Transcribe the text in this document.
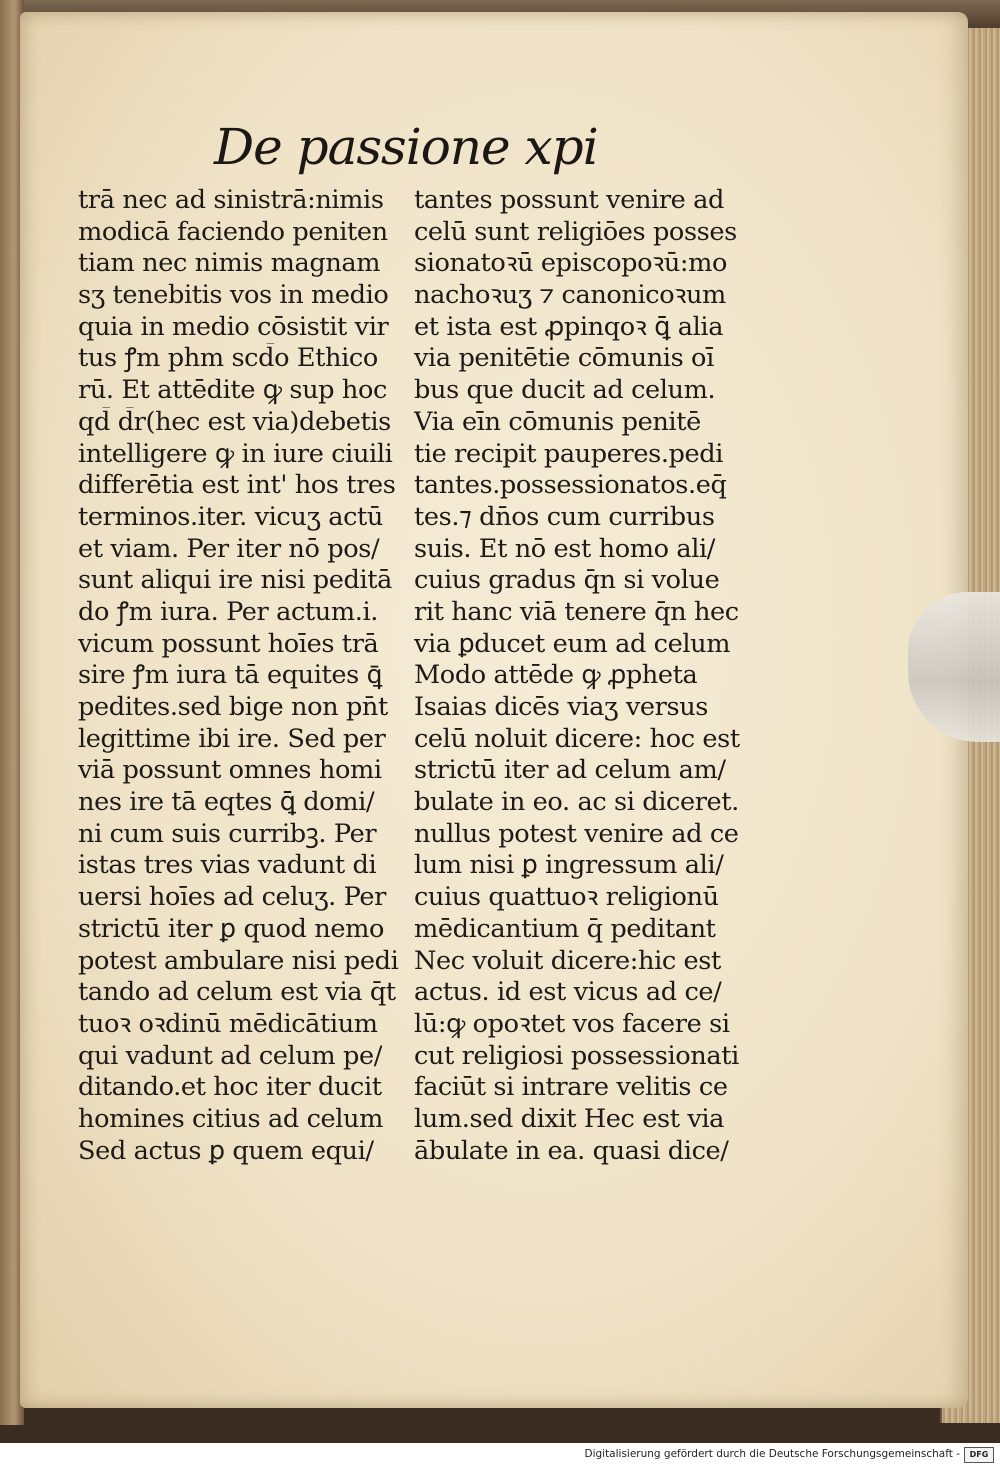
De passione xpi
trā nec ad sinistrā:nimis
modicā faciendo peniten
tiam nec nimis magnam
sʒ tenebitis vos in medio
quia in medio cōsistit vir
tus ꝭm phm scd̄o Ethico
rū. Et attēdite ꝙ sup hoc
qd̄ d̄r(hec est via)debetis
intelligere ꝙ in iure ciuili
differētia est int' hos tres
terminos.iter. vicuʒ actū
et viam. Per iter nō pos/
sunt aliqui ire nisi peditā
do ꝭm iura. Per actum.i.
vicum possunt hoīes trā
sire ꝭm iura tā equites ꝗ̄
pedites.sed bige non pn̄t
legittime ibi ire. Sed per
viā possunt omnes homi
nes ire tā eqtes ꝗ̄ domi/
ni cum suis curribꝫ. Per
istas tres vias vadunt di
uersi hoīes ad celuʒ. Per
strictū iter ꝑ quod nemo
potest ambulare nisi pedi
tando ad celum est via q̄t
tuoꝛ oꝛdinū mēdicātium
qui vadunt ad celum pe/
ditando.et hoc iter ducit
homines citius ad celum
Sed actus ꝑ quem equi/
tantes possunt venire ad
celū sunt religiōes posses
sionatoꝛū episcopoꝛū:mo
nachoꝛuʒ ⁊ canonicoꝛum
et ista est ꝓpinqoꝛ ꝗ̄ alia
via penitētie cōmunis oī
bus que ducit ad celum.
Via eīn cōmunis penitē
tie recipit pauperes.pedi
tantes.possessionatos.eq̄
tes.⁊ dn̄os cum curribus
suis. Et nō est homo ali/
cuius gradus q̄n si volue
rit hanc viā tenere q̄n hec
via ꝑducet eum ad celum
Modo attēde ꝙ ꝓpheta
Isaias dicēs viaʒ versus
celū noluit dicere: hoc est
strictū iter ad celum am/
bulate in eo. ac si diceret.
nullus potest venire ad ce
lum nisi ꝑ ingressum ali/
cuius quattuoꝛ religionū
mēdicantium q̄ peditant
Nec voluit dicere:hic est
actus. id est vicus ad ce/
lū:ꝙ opoꝛtet vos facere si
cut religiosi possessionati
faciūt si intrare velitis ce
lum.sed dixit Hec est via
ābulate in ea. quasi dice/
Digitalisierung gefördert durch die Deutsche Forschungsgemeinschaft -	DFG
